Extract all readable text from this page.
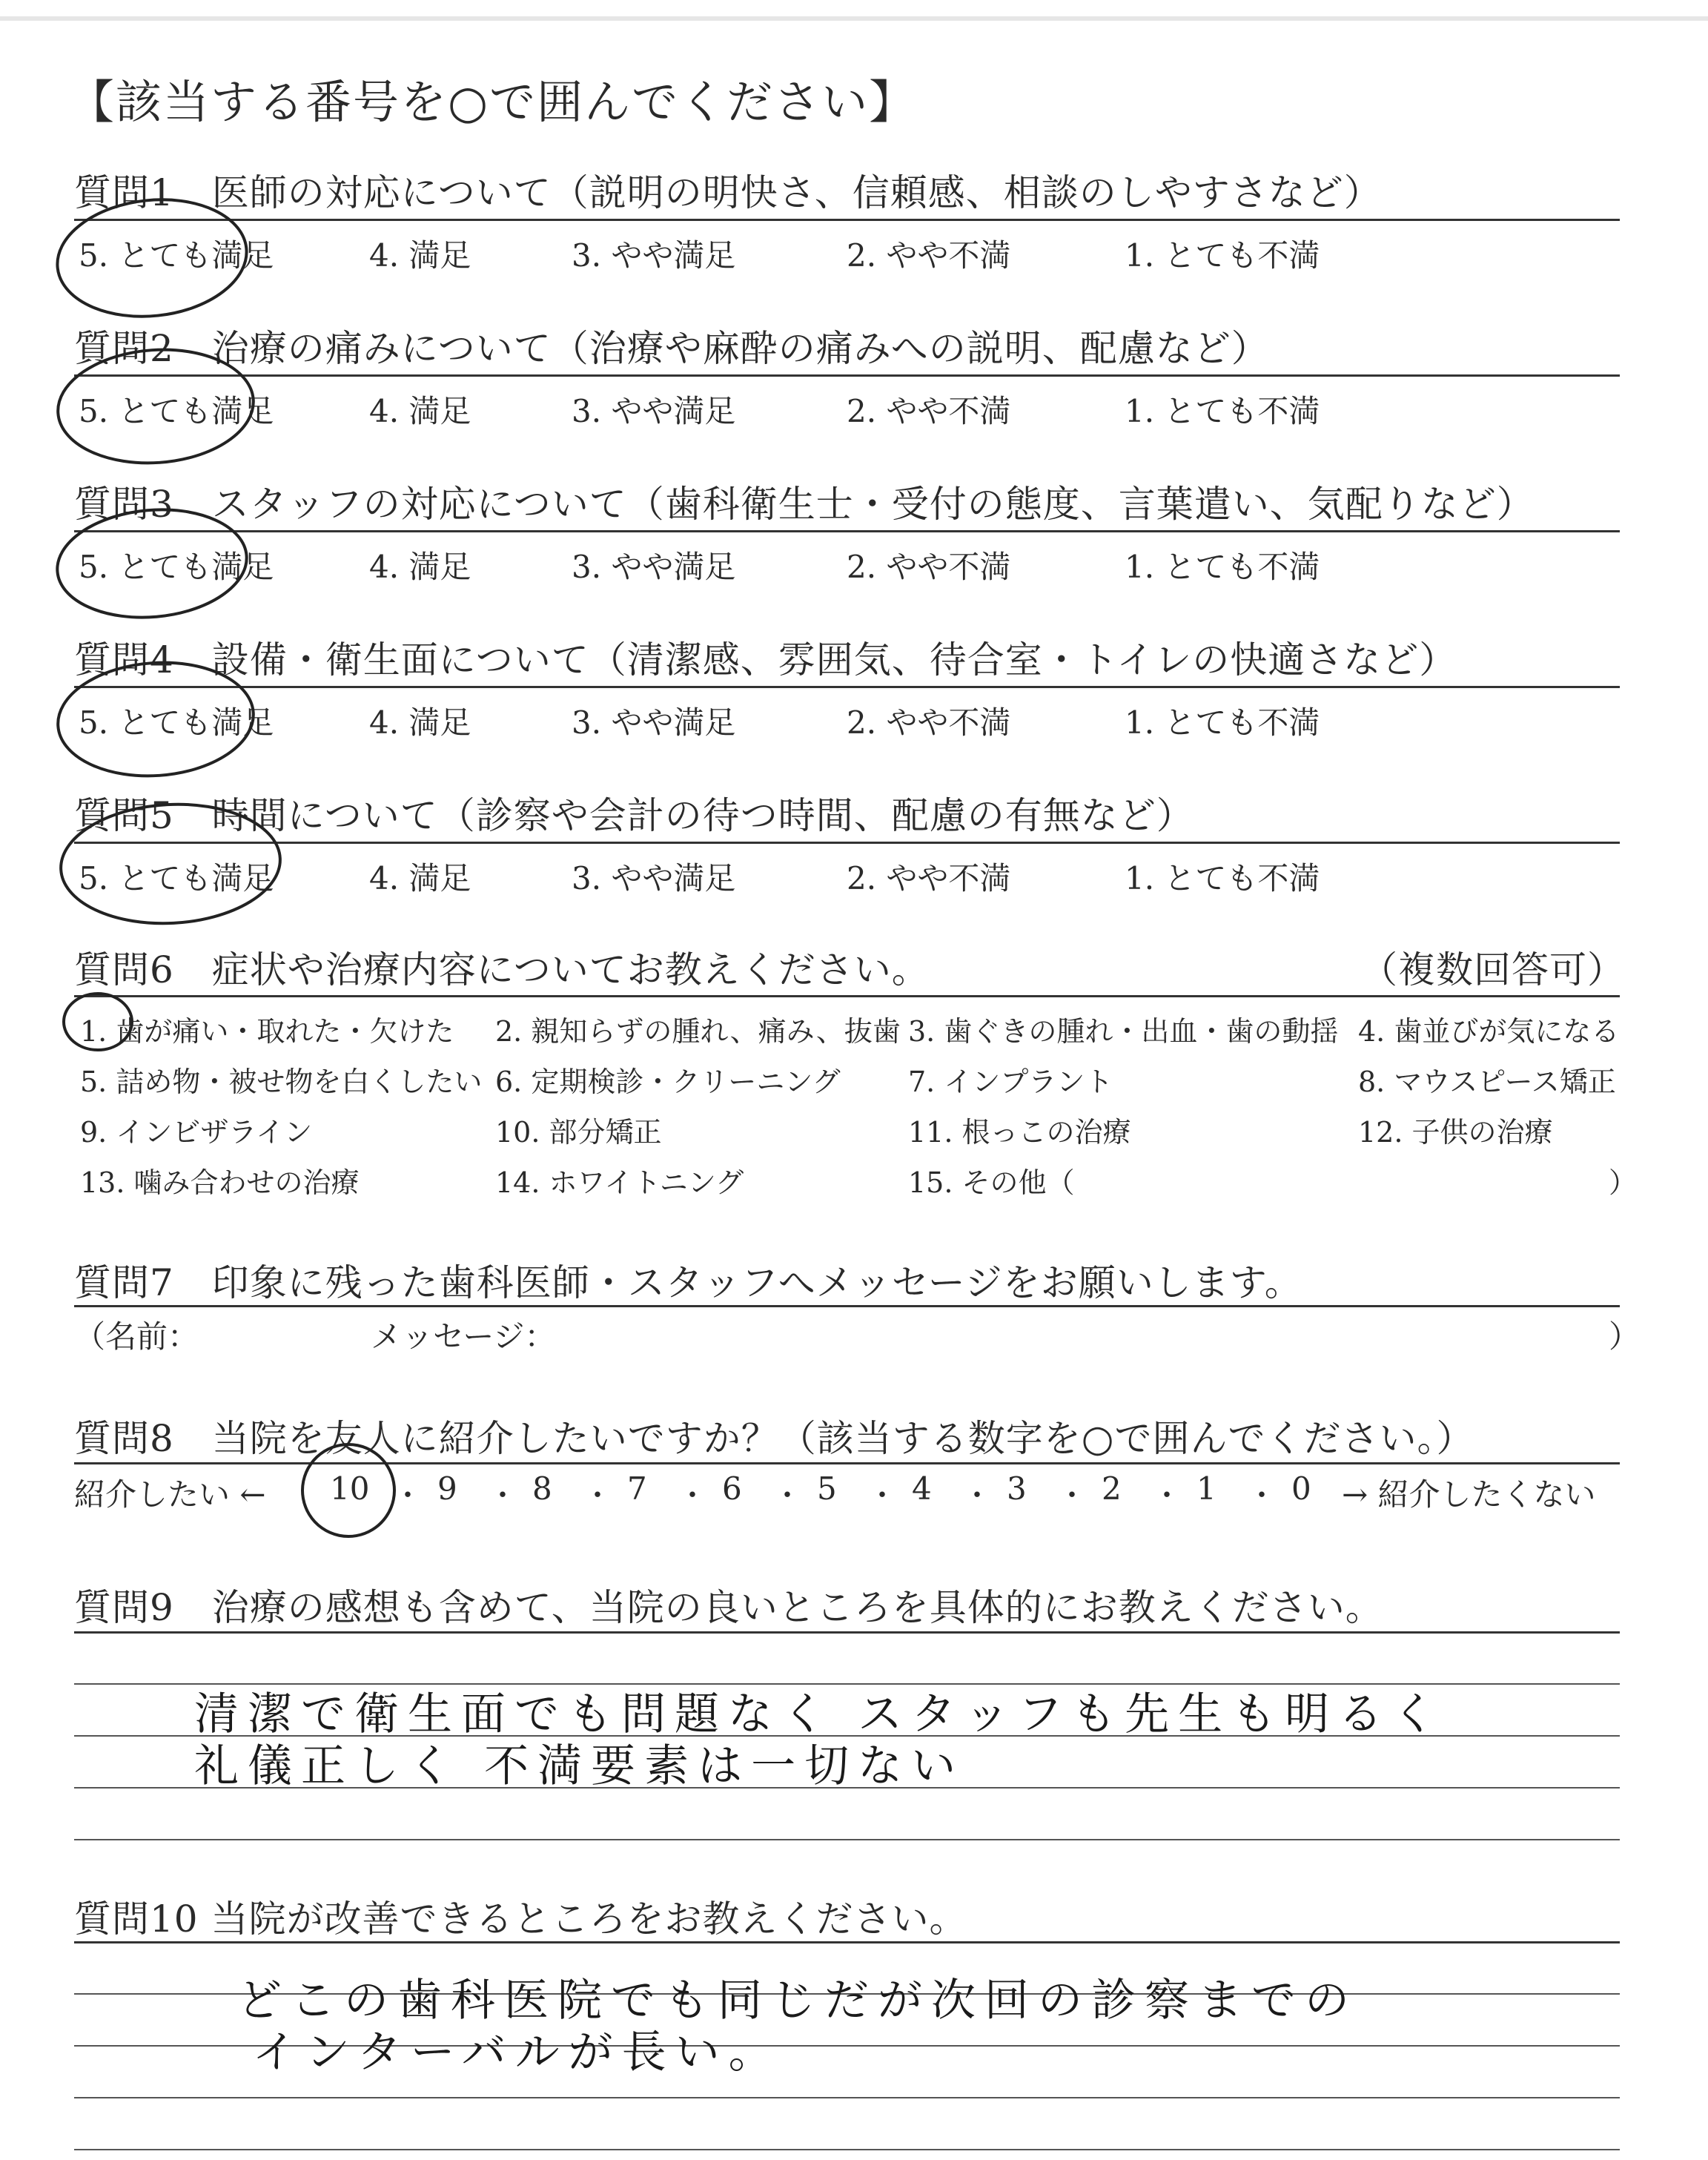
【該当する番号を○で囲んでください】
質問1　医師の対応について（説明の明快さ、信頼感、相談のしやすさなど）
5. とても満足	4. 満足	3. やや満足	2. やや不満	1. とても不満
質問2　治療の痛みについて（治療や麻酔の痛みへの説明、配慮など）
5. とても満足	4. 満足	3. やや満足	2. やや不満	1. とても不満
質問3　スタッフの対応について（歯科衛生士・受付の態度、言葉遣い、気配りなど）
5. とても満足	4. 満足	3. やや満足	2. やや不満	1. とても不満
質問4　設備・衛生面について（清潔感、雰囲気、待合室・トイレの快適さなど）
5. とても満足	4. 満足	3. やや満足	2. やや不満	1. とても不満
質問5　時間について（診察や会計の待つ時間、配慮の有無など）
5. とても満足	4. 満足	3. やや満足	2. やや不満	1. とても不満
質問6　症状や治療内容についてお教えください。	（複数回答可）
1. 歯が痛い・取れた・欠けた 2. 親知らずの腫れ、痛み、抜歯 3. 歯ぐきの腫れ・出血・歯の動揺 4. 歯並びが気になる
5. 詰め物・被せ物を白くしたい 6. 定期検診・クリーニング 7. インプラント	8. マウスピース矯正
9. インビザライン	10. 部分矯正	11. 根っこの治療	12. 子供の治療
13. 噛み合わせの治療	14. ホワイトニング	15. その他（	）
質問7　印象に残った歯科医師・スタッフへメッセージをお願いします。
（名前：	メッセージ：	）
質問8　当院を友人に紹介したいですか？（該当する数字を○で囲んでください。）
紹介したい ←	→ 紹介したくない
10 ・ 9 ・ 8 ・ 7 ・ 6 ・ 5 ・ 4 ・ 3 ・ 2 ・ 1 ・ 0
質問9　治療の感想も含めて、当院の良いところを具体的にお教えください。
清潔で衛生面でも問題なく スタッフも先生も明るく
礼儀正しく 不満要素は一切ない
質問10 当院が改善できるところをお教えください。
どこの歯科医院でも同じだが次回の診察までの
インターバルが長い。
